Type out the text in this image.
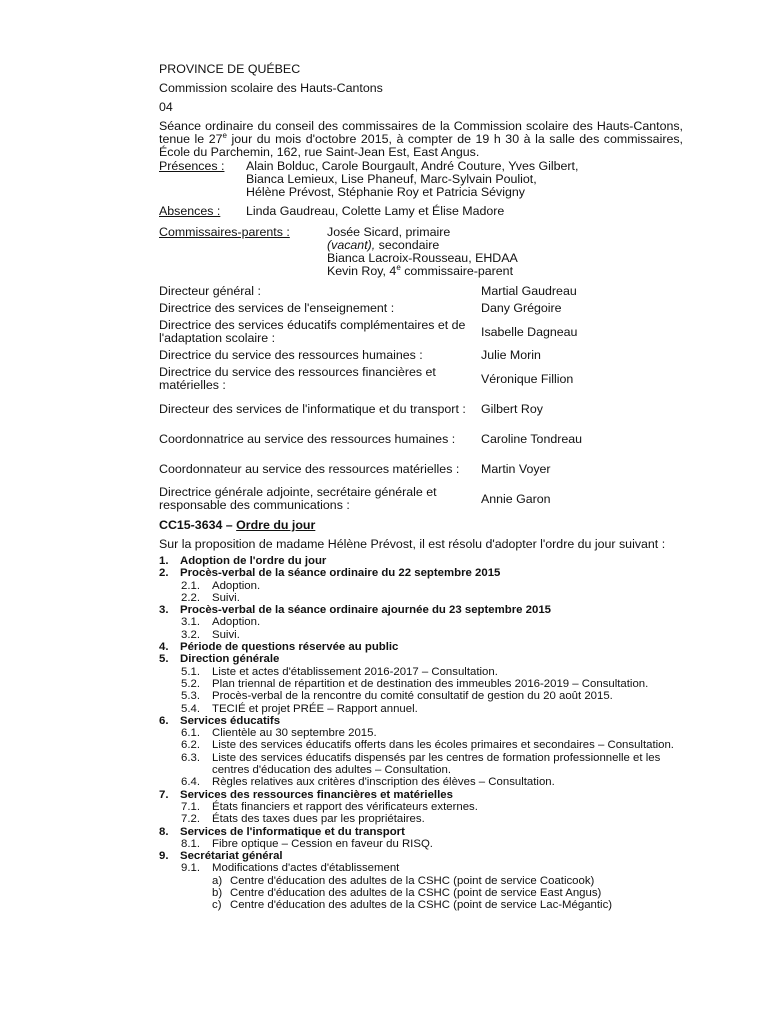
PROVINCE DE QUÉBEC

Commission scolaire des Hauts-Cantons

04

Séance ordinaire du conseil des commissaires de la Commission scolaire des Hauts-Cantons, tenue le 27e jour du mois d'octobre 2015, à compter de 19 h 30 à la salle des commissaires, École du Parchemin, 162, rue Saint-Jean Est, East Angus.

Présences :	Alain Bolduc, Carole Bourgault, André Couture, Yves Gilbert,

Bianca Lemieux, Lise Phaneuf, Marc-Sylvain Pouliot,

Hélène Prévost, Stéphanie Roy et Patricia Sévigny

Absences :	Linda Gaudreau, Colette Lamy et Élise Madore
Commissaires-parents :	Josée Sicard, primaire

(vacant), secondaire

Bianca Lacroix-Rousseau, EHDAA

Kevin Roy, 4e commissaire-parent

Directeur général :	Martial Gaudreau
Directrice des services de l'enseignement :	Dany Grégoire
Directrice des services éducatifs complémentaires et de l'adaptation scolaire :	Isabelle Dagneau
Directrice du service des ressources humaines :	Julie Morin
Directrice du service des ressources financières et matérielles :	Véronique Fillion
Directeur des services de l'informatique et du transport :	Gilbert Roy
Coordonnatrice au service des ressources humaines :	Caroline Tondreau
Coordonnateur au service des ressources matérielles :	Martin Voyer
Directrice générale adjointe, secrétaire générale et responsable des communications :	Annie Garon

CC15-3634 – Ordre du jour

Sur la proposition de madame Hélène Prévost, il est résolu d'adopter l'ordre du jour suivant :

1.	Adoption de l'ordre du jour
2.	Procès-verbal de la séance ordinaire du 22 septembre 2015
2.1.	Adoption.
2.2.	Suivi.
3.	Procès-verbal de la séance ordinaire ajournée du 23 septembre 2015
3.1.	Adoption.
3.2.	Suivi.
4.	Période de questions réservée au public
5.	Direction générale
5.1.	Liste et actes d'établissement 2016-2017 – Consultation.
5.2.	Plan triennal de répartition et de destination des immeubles 2016-2019 – Consultation.
5.3.	Procès-verbal de la rencontre du comité consultatif de gestion du 20 août 2015.
5.4.	TECIÉ et projet PRÉE – Rapport annuel.
6.	Services éducatifs
6.1.	Clientèle au 30 septembre 2015.
6.2.	Liste des services éducatifs offerts dans les écoles primaires et secondaires – Consultation.
6.3.	Liste des services éducatifs dispensés par les centres de formation professionnelle et les centres d'éducation des adultes – Consultation.
6.4.	Règles relatives aux critères d'inscription des élèves – Consultation.
7.	Services des ressources financières et matérielles
7.1.	États financiers et rapport des vérificateurs externes.
7.2.	États des taxes dues par les propriétaires.
8.	Services de l'informatique et du transport
8.1.	Fibre optique – Cession en faveur du RISQ.
9.	Secrétariat général
9.1.	Modifications d'actes d'établissement
a) Centre d'éducation des adultes de la CSHC (point de service Coaticook)
b) Centre d'éducation des adultes de la CSHC (point de service East Angus)
c) Centre d'éducation des adultes de la CSHC (point de service Lac-Mégantic)
